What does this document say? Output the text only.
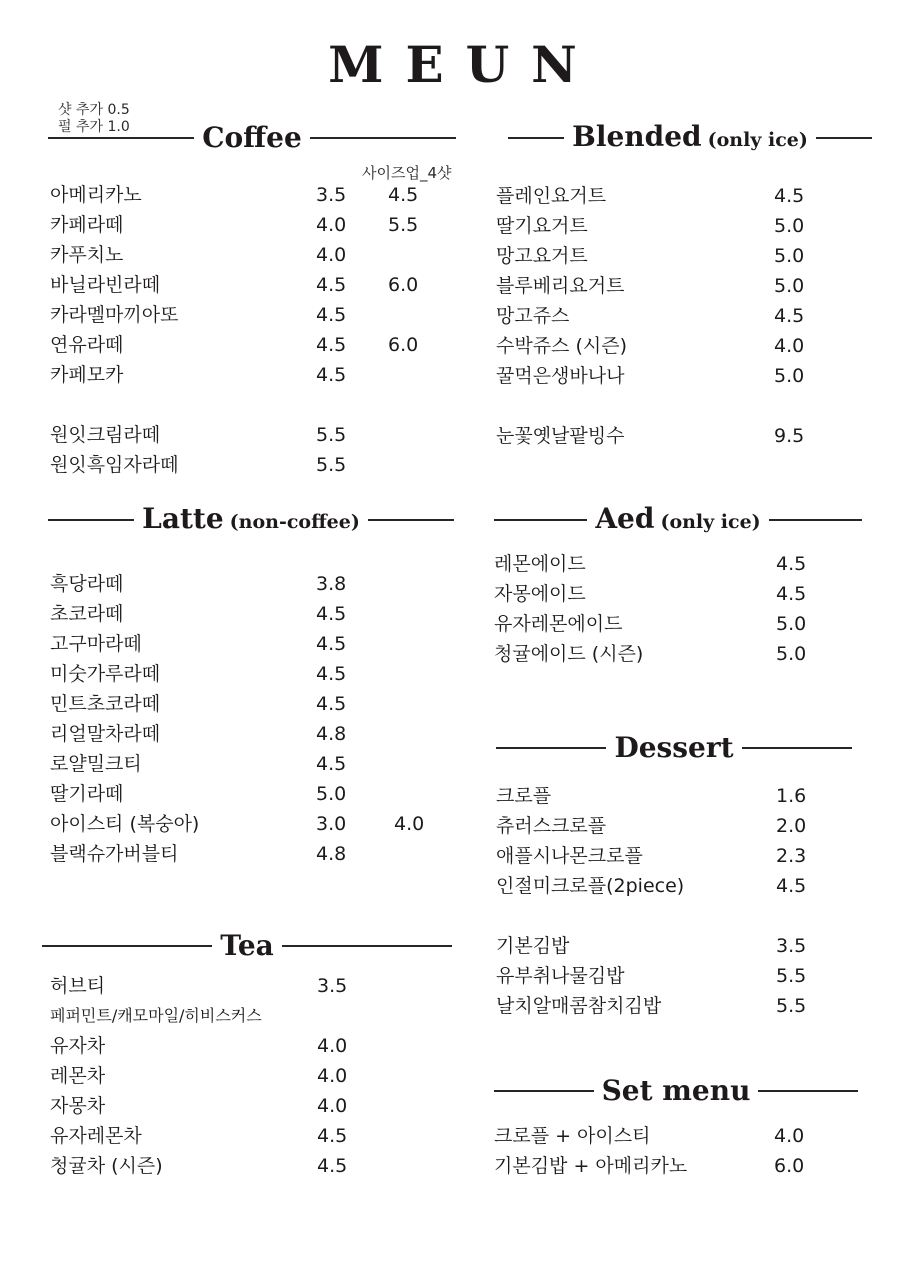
MEUN
샷 추가 0.5
펄 추가 1.0	Coffee
사이즈업_4샷
아메리카노	3.5 4.5
카페라떼	4.0 5.5
카푸치노	4.0
바닐라빈라떼	4.5 6.0
카라멜마끼아또	4.5
연유라떼	4.5 6.0
카페모카	4.5
원잇크림라떼	5.5
원잇흑임자라떼	5.5
Latte (non-coffee)
흑당라떼	3.8
초코라떼	4.5
고구마라떼	4.5
미숫가루라떼	4.5
민트초코라떼	4.5
리얼말차라떼	4.8
로얄밀크티	4.5
딸기라떼	5.0
아이스티 (복숭아)	3.0	4.0
블랙슈가버블티	4.8
Tea
허브티	3.5
페퍼민트/캐모마일/히비스커스
유자차	4.0
레몬차	4.0
자몽차	4.0
유자레몬차	4.5
청귤차 (시즌)	4.5
Blended (only ice)
플레인요거트	4.5
딸기요거트	5.0
망고요거트	5.0
블루베리요거트	5.0
망고쥬스	4.5
수박쥬스 (시즌)	4.0
꿀먹은생바나나	5.0
눈꽃옛날팥빙수	9.5
Aed (only ice)
레몬에이드	4.5
자몽에이드	4.5
유자레몬에이드	5.0
청귤에이드 (시즌)	5.0
Dessert
크로플	1.6
츄러스크로플	2.0
애플시나몬크로플	2.3
인절미크로플(2piece)	4.5
기본김밥	3.5
유부취나물김밥	5.5
날치알매콤참치김밥	5.5
Set menu
크로플 + 아이스티	4.0
기본김밥 + 아메리카노	6.0
